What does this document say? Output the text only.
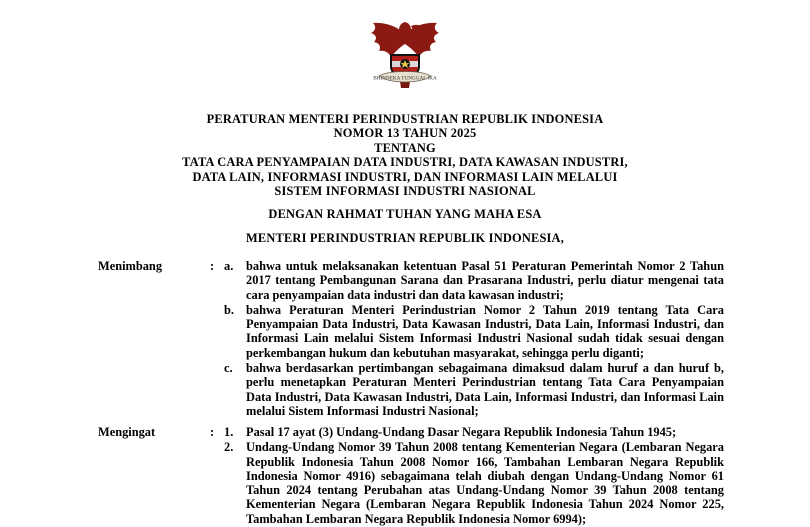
BHINNEKA TUNGGAL IKA
PERATURAN MENTERI PERINDUSTRIAN REPUBLIK INDONESIA
NOMOR 13 TAHUN 2025
TENTANG
TATA CARA PENYAMPAIAN DATA INDUSTRI, DATA KAWASAN INDUSTRI,
DATA LAIN, INFORMASI INDUSTRI, DAN INFORMASI LAIN MELALUI
SISTEM INFORMASI INDUSTRI NASIONAL
DENGAN RAHMAT TUHAN YANG MAHA ESA
MENTERI PERINDUSTRIAN REPUBLIK INDONESIA,
Menimbang	: a.	bahwa untuk melaksanakan ketentuan Pasal 51 Peraturan Pemerintah Nomor 2 Tahun 2017 tentang Pembangunan Sarana dan Prasarana Industri, perlu diatur mengenai tata cara penyampaian data industri dan data kawasan industri;
b. bahwa Peraturan Menteri Perindustrian Nomor 2 Tahun 2019 tentang Tata Cara Penyampaian Data Industri, Data Kawasan Industri, Data Lain, Informasi Industri, dan Informasi Lain melalui Sistem Informasi Industri Nasional sudah tidak sesuai dengan perkembangan hukum dan kebutuhan masyarakat, sehingga perlu diganti;
c.	bahwa berdasarkan pertimbangan sebagaimana dimaksud dalam huruf a dan huruf b, perlu menetapkan Peraturan Menteri Perindustrian tentang Tata Cara Penyampaian Data Industri, Data Kawasan Industri, Data Lain, Informasi Industri, dan Informasi Lain melalui Sistem Informasi Industri Nasional;
Mengingat	: 1.	Pasal 17 ayat (3) Undang-Undang Dasar Negara Republik Indonesia Tahun 1945;
2.	Undang-Undang Nomor 39 Tahun 2008 tentang Kementerian Negara (Lembaran Negara Republik Indonesia Tahun 2008 Nomor 166, Tambahan Lembaran Negara Republik Indonesia Nomor 4916) sebagaimana telah diubah dengan Undang-Undang Nomor 61 Tahun 2024 tentang Perubahan atas Undang-Undang Nomor 39 Tahun 2008 tentang Kementerian Negara (Lembaran Negara Republik Indonesia Tahun 2024 Nomor 225, Tambahan Lembaran Negara Republik Indonesia Nomor 6994);
